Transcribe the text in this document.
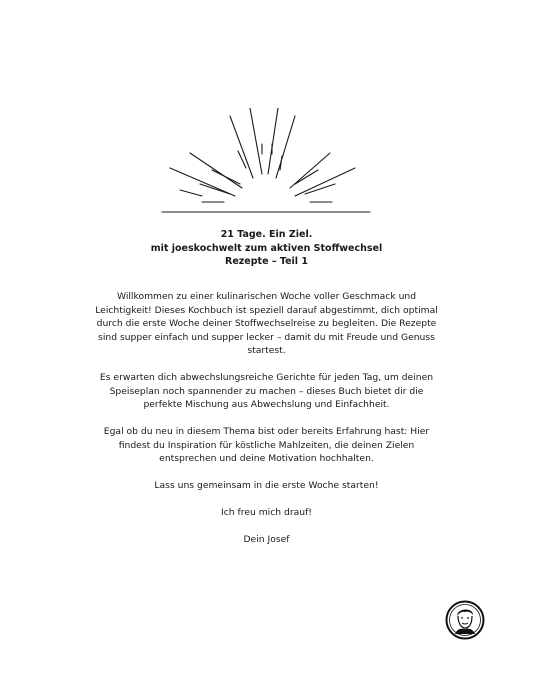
21 Tage. Ein Ziel.
mit joeskochwelt zum aktiven Stoffwechsel
Rezepte – Teil 1

Willkommen zu einer kulinarischen Woche voller Geschmack und Leichtigkeit! Dieses Kochbuch ist speziell darauf abgestimmt, dich optimal durch die erste Woche deiner Stoffwechselreise zu begleiten. Die Rezepte sind supper einfach und supper lecker – damit du mit Freude und Genuss startest.

Es erwarten dich abwechslungsreiche Gerichte für jeden Tag, um deinen Speiseplan noch spannender zu machen – dieses Buch bietet dir die perfekte Mischung aus Abwechslung und Einfachheit.

Egal ob du neu in diesem Thema bist oder bereits Erfahrung hast: Hier findest du Inspiration für köstliche Mahlzeiten, die deinen Zielen entsprechen und deine Motivation hochhalten.

Lass uns gemeinsam in die erste Woche starten!

Ich freu mich drauf!

Dein Josef
